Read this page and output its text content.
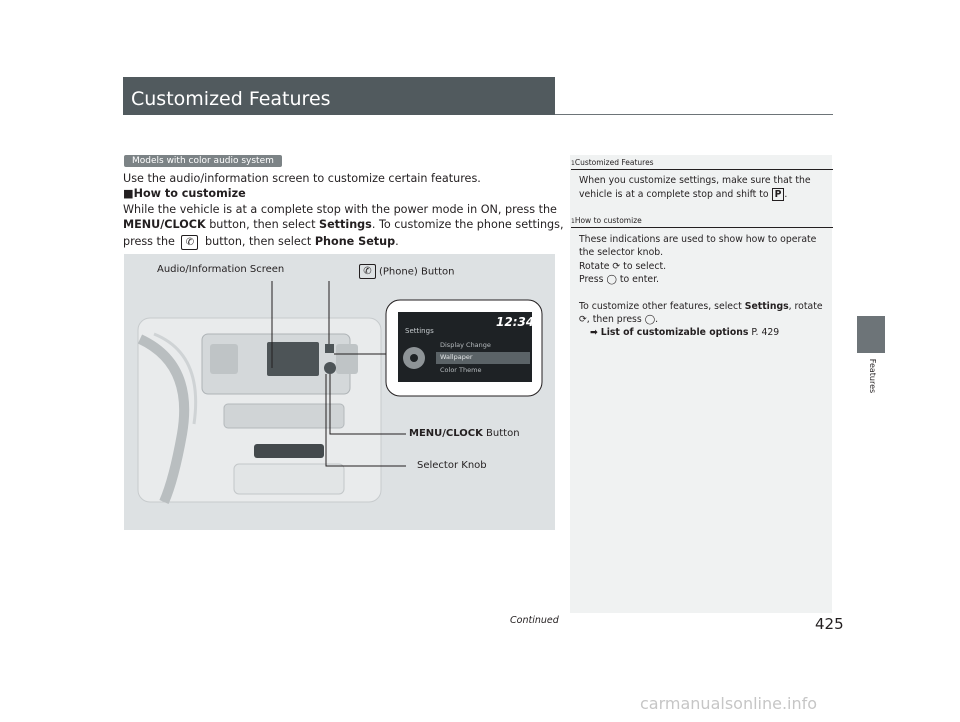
Customized Features
Features
Models with color audio system
Use the audio/information screen to customize certain features.
■How to customize
While the vehicle is at a complete stop with the power mode in ON, press the
MENU/CLOCK button, then select Settings. To customize the phone settings,
press the ✆ button, then select Phone Setup.
12:34
Settings
Display Change
Wallpaper
Color Theme
Audio/Information Screen	✆ (Phone) Button
MENU/CLOCK Button
Selector Knob
1Customized Features
When you customize settings, make sure that the
vehicle is at a complete stop and shift to P .
1How to customize
These indications are used to show how to operate
the selector knob.
Rotate ⟳ to select.
Press ◯ to enter.
To customize other features, select Settings, rotate
⟳, then press ◯.
➡ List of customizable options P. 429
Continued	425
carmanualsonline.info
